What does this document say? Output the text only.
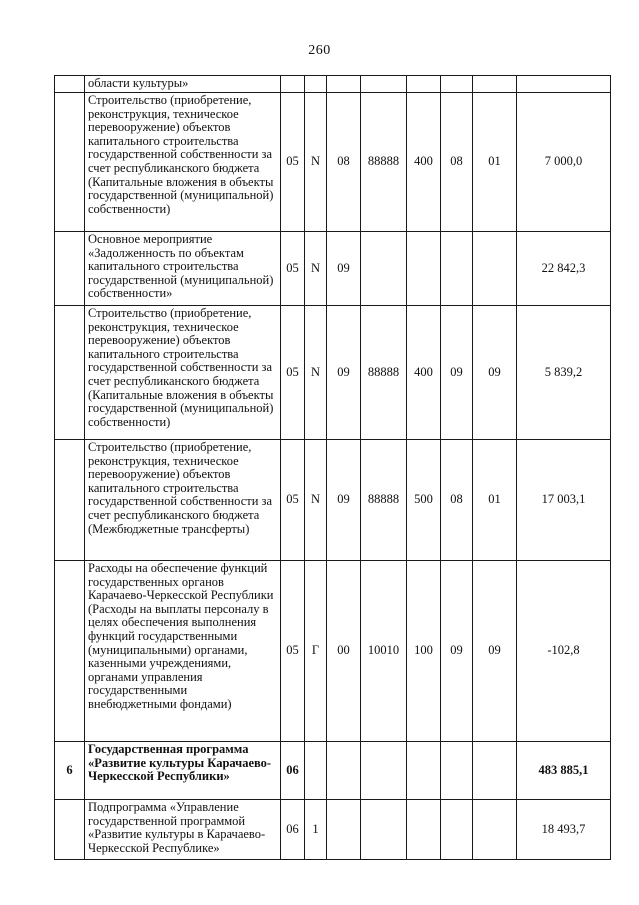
260
	области культуры»								
	Строительство (приобретение, реконструкция, техническое перевооружение) объектов капитального строительства государственной собственности за счет республиканского бюджета (Капитальные вложения в объекты государственной (муниципальной) собственности)	05	N	08	88888	400	08	01	7 000,0
	Основное мероприятие «Задолженность по объектам капитального строительства государственной (муниципальной) собственности»	05	N	09					22 842,3
	Строительство (приобретение, реконструкция, техническое перевооружение) объектов капитального строительства государственной собственности за счет республиканского бюджета (Капитальные вложения в объекты государственной (муниципальной) собственности)	05	N	09	88888	400	09	09	5 839,2
	Строительство (приобретение, реконструкция, техническое перевооружение) объектов капитального строительства государственной собственности за счет республиканского бюджета (Межбюджетные трансферты)	05	N	09	88888	500	08	01	17 003,1
	Расходы на обеспечение функций государственных органов Карачаево-Черкесской Республики (Расходы на выплаты персоналу в целях обеспечения выполнения функций государственными (муниципальными) органами, казенными учреждениями, органами управления государственными внебюджетными фондами)	05	Г	00	10010	100	09	09	-102,8
6	Государственная программа «Развитие культуры Карачаево-Черкесской Республики»	06							483 885,1
	Подпрограмма «Управление государственной программой «Развитие культуры в Карачаево-Черкесской Республике»	06	1						18 493,7
